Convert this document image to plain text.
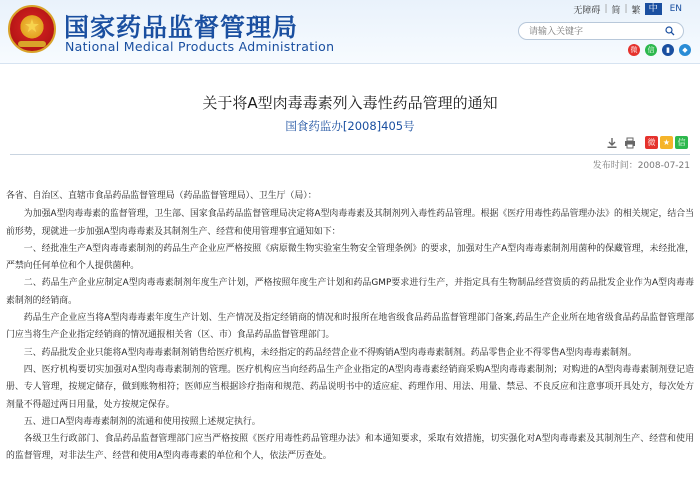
★ 国家药品监督管理局
National Medical Products Administration
无障碍 | 简 | 繁 中	EN
请输入关键字
微	信	▮	◆
关于将A型肉毒毒素列入毒性药品管理的通知
国食药监办[2008]405号
微 ★ 信
发布时间：2008-07-21

各省、自治区、直辖市食品药品监督管理局（药品监督管理局）、卫生厅（局）：

为加强A型肉毒毒素的监督管理，卫生部、国家食品药品监督管理局决定将A型肉毒毒素及其制剂列入毒性药品管理。根据《医疗用毒性药品管理办法》的相关规定，结合当前形势，现就进一步加强A型肉毒毒素及其制剂生产、经营和使用管理事宜通知如下：

一、经批准生产A型肉毒毒素制剂的药品生产企业应严格按照《病原微生物实验室生物安全管理条例》的要求，加强对生产A型肉毒毒素制剂用菌种的保藏管理，未经批准，严禁向任何单位和个人提供菌种。

二、药品生产企业应制定A型肉毒毒素制剂年度生产计划，严格按照年度生产计划和药品GMP要求进行生产，并指定具有生物制品经营资质的药品批发企业作为A型肉毒毒素制剂的经销商。

药品生产企业应当将A型肉毒毒素年度生产计划、生产情况及指定经销商的情况和时报所在地省级食品药品监督管理部门备案,药品生产企业所在地省级食品药品监督管理部门应当将生产企业指定经销商的情况通报相关省（区、市）食品药品监督管理部门。

三、药品批发企业只能将A型肉毒毒素制剂销售给医疗机构，未经指定的药品经营企业不得购销A型肉毒毒素制剂。药品零售企业不得零售A型肉毒毒素制剂。

四、医疗机构要切实加强对A型肉毒毒素制剂的管理。医疗机构应当向经药品生产企业指定的A型肉毒毒素经销商采购A型肉毒毒素制剂；对购进的A型肉毒毒素制剂登记造册、专人管理，按规定储存，做到账物相符；医师应当根据诊疗指南和规范、药品说明书中的适应症、药理作用、用法、用量、禁忌、不良反应和注意事项开具处方，每次处方剂量不得超过两日用量，处方按规定保存。

五、进口A型肉毒毒素制剂的流通和使用按照上述规定执行。

各级卫生行政部门、食品药品监督管理部门应当严格按照《医疗用毒性药品管理办法》和本通知要求，采取有效措施，切实强化对A型肉毒毒素及其制剂生产、经营和使用的监督管理，对非法生产、经营和使用A型肉毒毒素的单位和个人，依法严厉查处。
